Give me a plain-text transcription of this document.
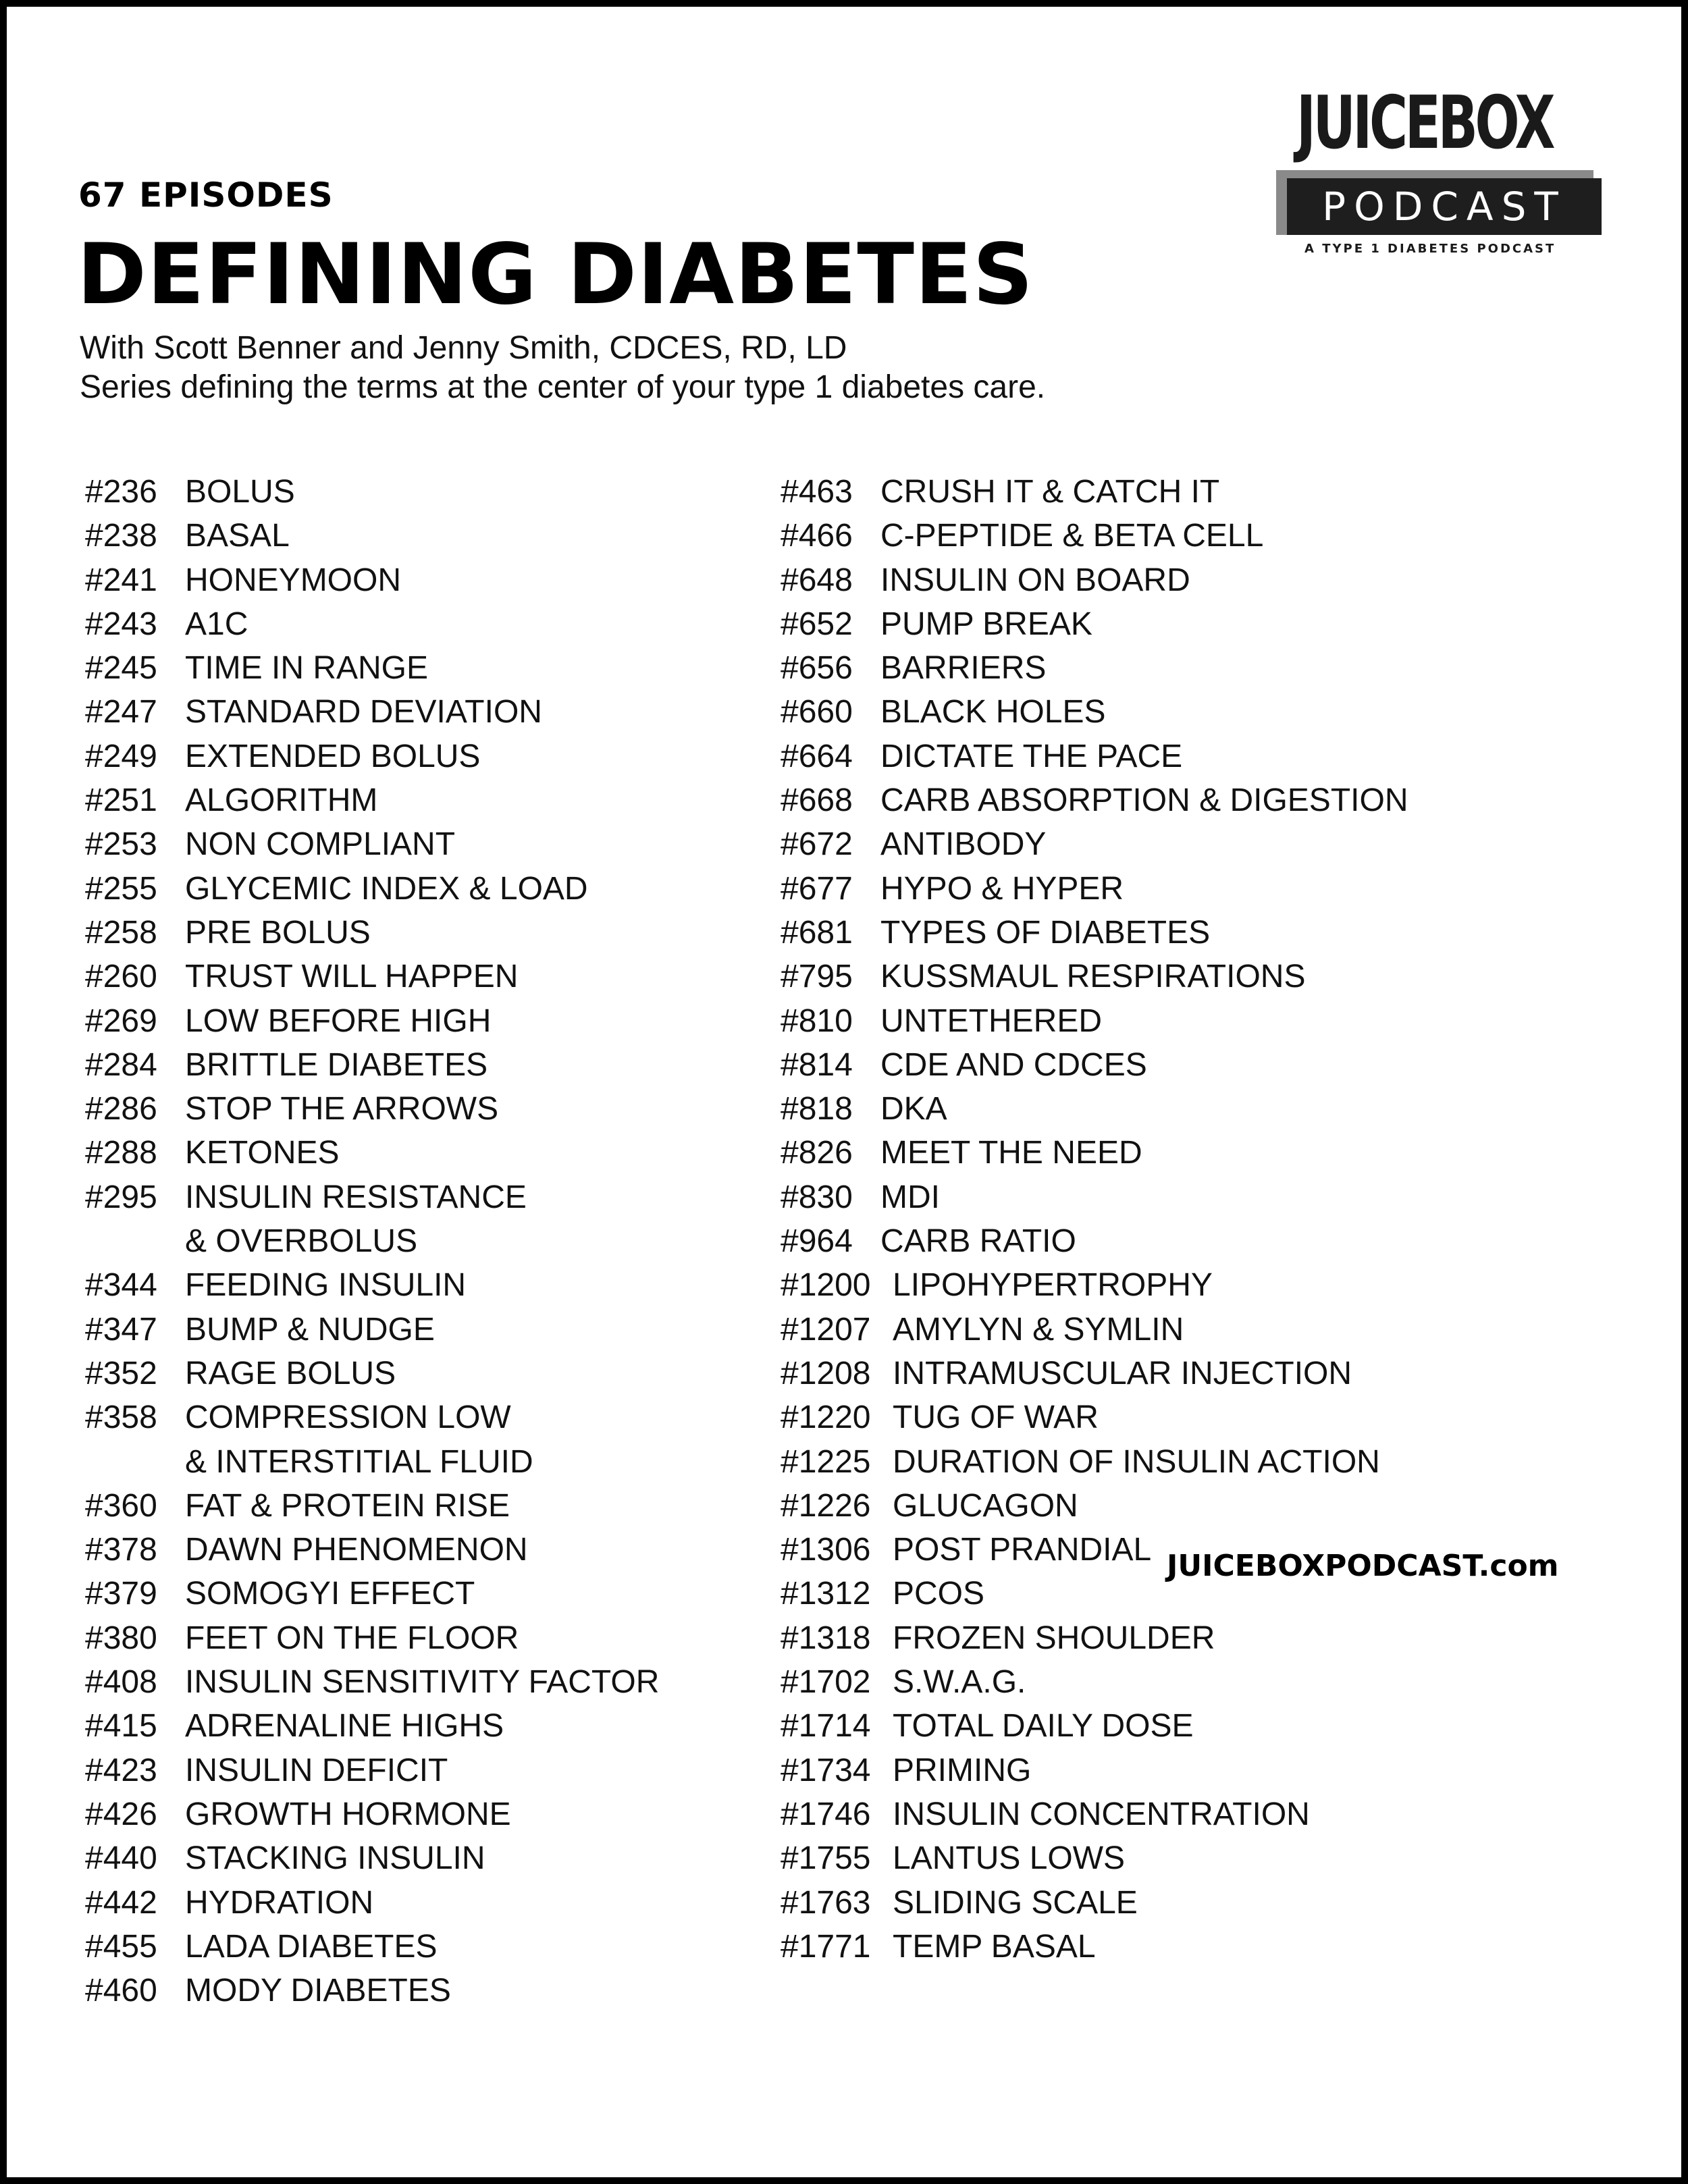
67 EPISODES
DEFINING DIABETES
With Scott Benner and Jenny Smith, CDCES, RD, LD
Series defining the terms at the center of your type 1 diabetes care.
JUICEBOX
PODCAST
A TYPE 1 DIABETES PODCAST
#236 BOLUS
#238 BASAL
#241 HONEYMOON
#243 A1C
#245 TIME IN RANGE
#247 STANDARD DEVIATION
#249 EXTENDED BOLUS
#251 ALGORITHM
#253 NON COMPLIANT
#255 GLYCEMIC INDEX & LOAD
#258 PRE BOLUS
#260 TRUST WILL HAPPEN
#269 LOW BEFORE HIGH
#284 BRITTLE DIABETES
#286 STOP THE ARROWS
#288 KETONES
#295 INSULIN RESISTANCE
& OVERBOLUS
#344 FEEDING INSULIN
#347 BUMP & NUDGE
#352 RAGE BOLUS
#358 COMPRESSION LOW
& INTERSTITIAL FLUID
#360 FAT & PROTEIN RISE
#378 DAWN PHENOMENON
#379 SOMOGYI EFFECT
#380 FEET ON THE FLOOR
#408 INSULIN SENSITIVITY FACTOR
#415 ADRENALINE HIGHS
#423 INSULIN DEFICIT
#426 GROWTH HORMONE
#440 STACKING INSULIN
#442 HYDRATION
#455 LADA DIABETES
#460 MODY DIABETES
#463 CRUSH IT & CATCH IT
#466 C-PEPTIDE & BETA CELL
#648 INSULIN ON BOARD
#652 PUMP BREAK
#656 BARRIERS
#660 BLACK HOLES
#664 DICTATE THE PACE
#668 CARB ABSORPTION & DIGESTION
#672 ANTIBODY
#677 HYPO & HYPER
#681 TYPES OF DIABETES
#795 KUSSMAUL RESPIRATIONS
#810 UNTETHERED
#814 CDE AND CDCES
#818 DKA
#826 MEET THE NEED
#830 MDI
#964 CARB RATIO
#1200 LIPOHYPERTROPHY
#1207 AMYLYN & SYMLIN
#1208 INTRAMUSCULAR INJECTION
#1220 TUG OF WAR
#1225 DURATION OF INSULIN ACTION
#1226 GLUCAGON
#1306 POST PRANDIAL
#1312 PCOS
#1318 FROZEN SHOULDER
#1702 S.W.A.G.
#1714 TOTAL DAILY DOSE
#1734 PRIMING
#1746 INSULIN CONCENTRATION
#1755 LANTUS LOWS
#1763 SLIDING SCALE
#1771 TEMP BASAL
JUICEBOXPODCAST.com
